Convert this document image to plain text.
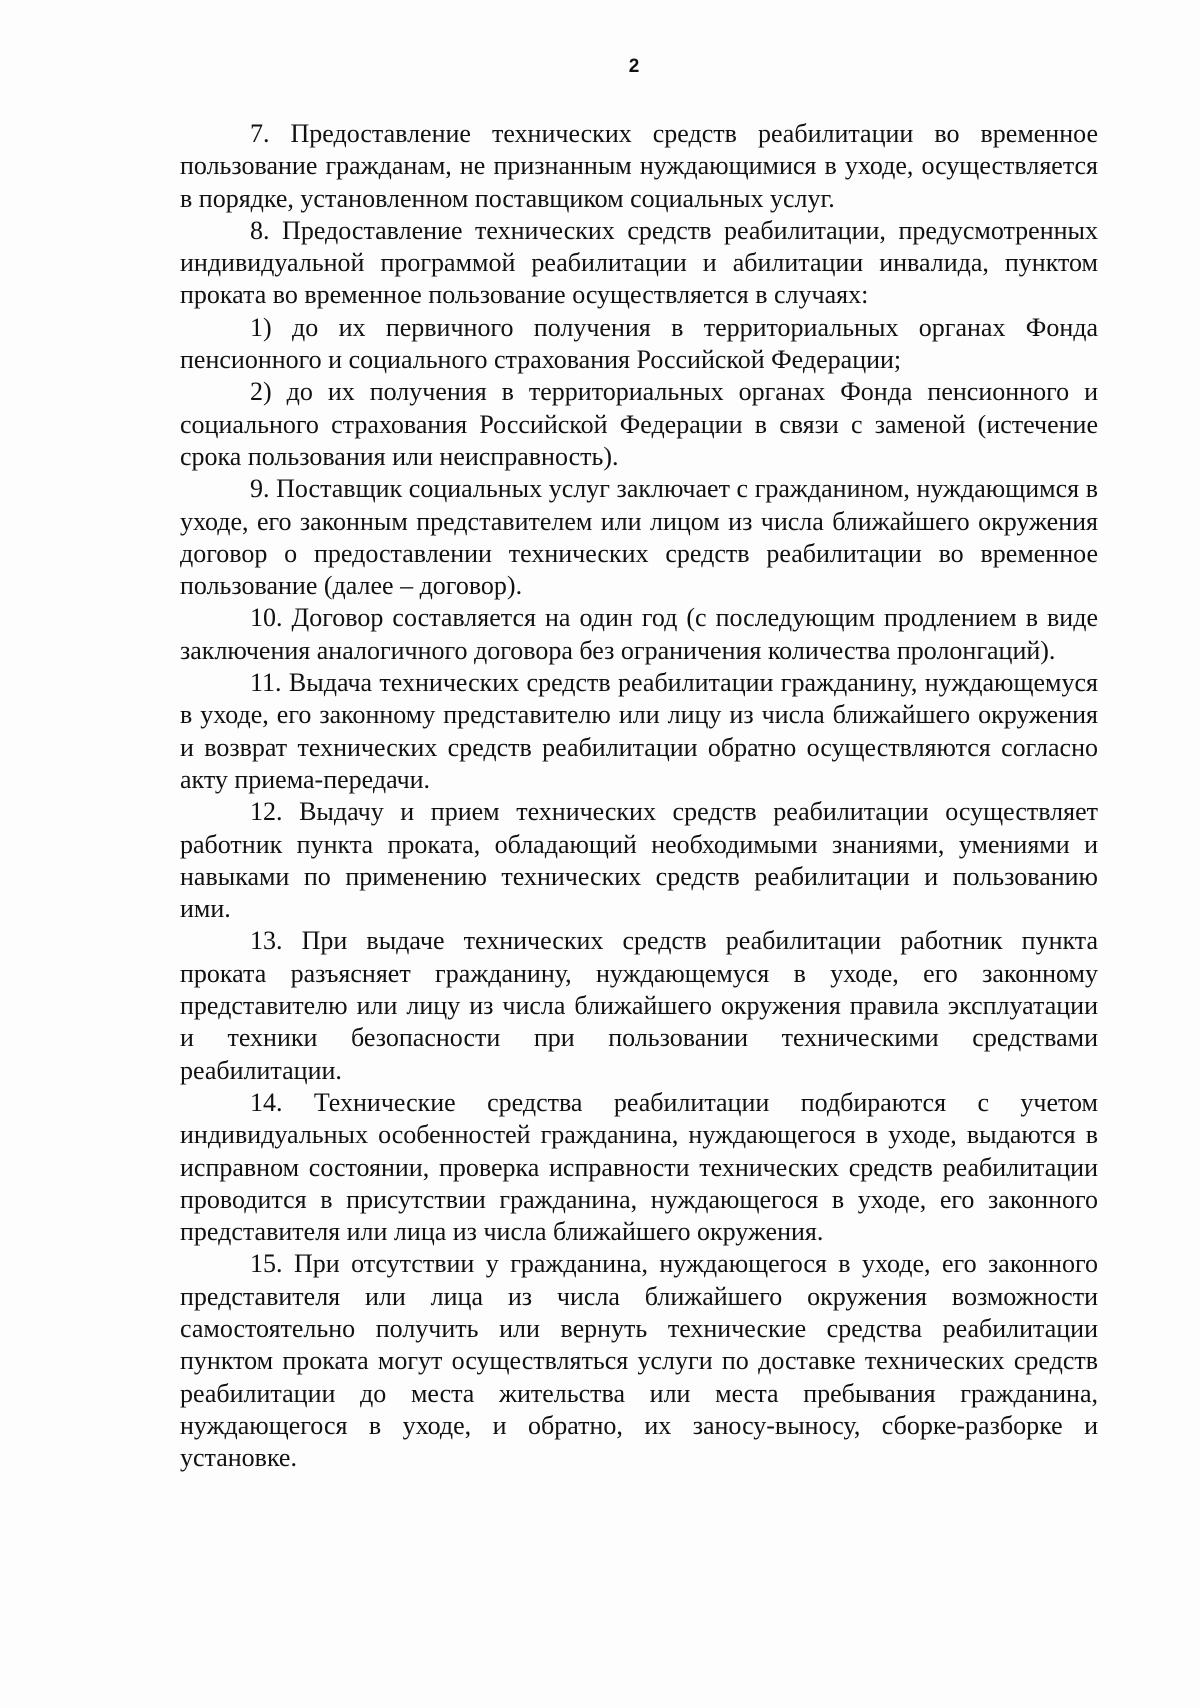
2

7. Предоставление технических средств реабилитации во временное пользование гражданам, не признанным нуждающимися в уходе, осуществляется в порядке, установленном поставщиком социальных услуг.

8. Предоставление технических средств реабилитации, предусмотренных индивидуальной программой реабилитации и абилитации инвалида, пунктом проката во временное пользование осуществляется в случаях:

1) до их первичного получения в территориальных органах Фонда пенсионного и социального страхования Российской Федерации;

2) до их получения в территориальных органах Фонда пенсионного и социального страхования Российской Федерации в связи с заменой (истечение срока пользования или неисправность).

9. Поставщик социальных услуг заключает с гражданином, нуждающимся в уходе, его законным представителем или лицом из числа ближайшего окружения договор о предоставлении технических средств реабилитации во временное пользование (далее – договор).

10. Договор составляется на один год (с последующим продлением в виде заключения аналогичного договора без ограничения количества пролонгаций).

11. Выдача технических средств реабилитации гражданину, нуждающемуся в уходе, его законному представителю или лицу из числа ближайшего окружения и возврат технических средств реабилитации обратно осуществляются согласно акту приема-передачи.

12. Выдачу и прием технических средств реабилитации осуществляет работник пункта проката, обладающий необходимыми знаниями, умениями и навыками по применению технических средств реабилитации и пользованию ими.

13. При выдаче технических средств реабилитации работник пункта проката разъясняет гражданину, нуждающемуся в уходе, его законному представителю или лицу из числа ближайшего окружения правила эксплуатации и техники безопасности при пользовании техническими средствами реабилитации.

14. Технические средства реабилитации подбираются с учетом индивидуальных особенностей гражданина, нуждающегося в уходе, выдаются в исправном состоянии, проверка исправности технических средств реабилитации проводится в присутствии гражданина, нуждающегося в уходе, его законного представителя или лица из числа ближайшего окружения.

15. При отсутствии у гражданина, нуждающегося в уходе, его законного представителя или лица из числа ближайшего окружения возможности самостоятельно получить или вернуть технические средства реабилитации пунктом проката могут осуществляться услуги по доставке технических средств реабилитации до места жительства или места пребывания гражданина, нуждающегося в уходе, и обратно, их заносу-выносу, сборке-разборке и установке.
